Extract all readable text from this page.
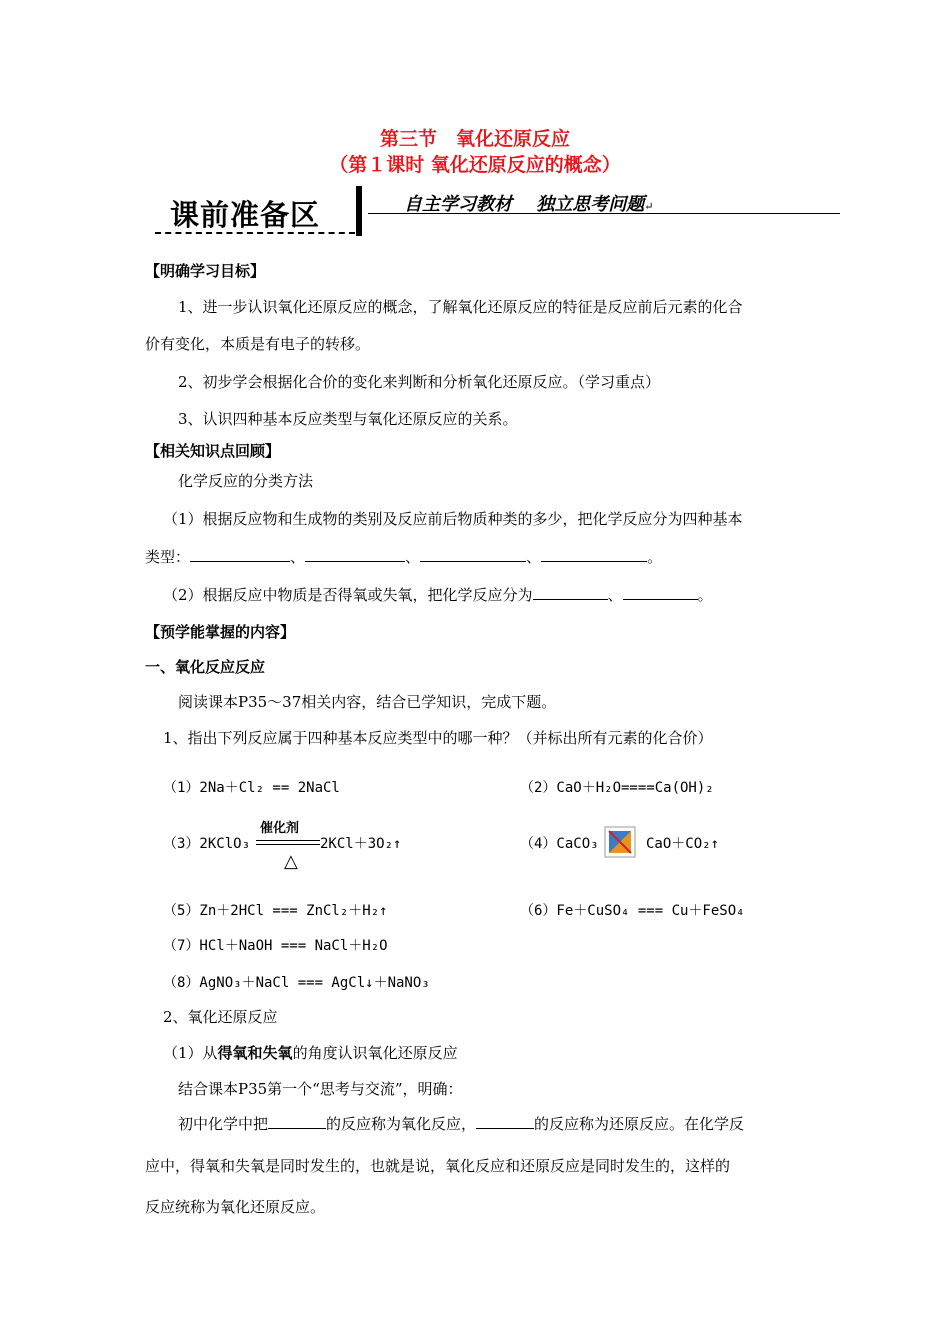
第三节　氧化还原反应
（第１课时 氧化还原反应的概念）
课前准备区	自主学习教材　 独立思考问题↵
【明确学习目标】
1、进一步认识氧化还原反应的概念，了解氧化还原反应的特征是反应前后元素的化合
价有变化，本质是有电子的转移。
2、初步学会根据化合价的变化来判断和分析氧化还原反应。（学习重点）
3、认识四种基本反应类型与氧化还原反应的关系。
【相关知识点回顾】
化学反应的分类方法
（1）根据反应物和生成物的类别及反应前后物质种类的多少，把化学反应分为四种基本
类型：	、	、	、	。
（2）根据反应中物质是否得氧或失氧，把化学反应分为	、	。
【预学能掌握的内容】
一、氧化反应反应
阅读课本P35～37相关内容，结合已学知识，完成下题。
1、指出下列反应属于四种基本反应类型中的哪一种？（并标出所有元素的化合价）
（1）2Na＋Cl₂ == 2NaCl	（2）CaO＋H₂O====Ca(OH)₂
（3）2KClO₃
催化剂
△
2KCl＋3O₂↑	（4）CaCO₃	CaO＋CO₂↑
（5）Zn＋2HCl === ZnCl₂＋H₂↑	（6）Fe＋CuSO₄ === Cu＋FeSO₄
（7）HCl＋NaOH === NaCl＋H₂O
（8）AgNO₃＋NaCl === AgCl↓＋NaNO₃
2、氧化还原反应
（1）从得氧和失氧的角度认识氧化还原反应
结合课本P35第一个“思考与交流”，明确：
初中化学中把	的反应称为氧化反应，	的反应称为还原反应。在化学反
应中，得氧和失氧是同时发生的，也就是说，氧化反应和还原反应是同时发生的，这样的
反应统称为氧化还原反应。
